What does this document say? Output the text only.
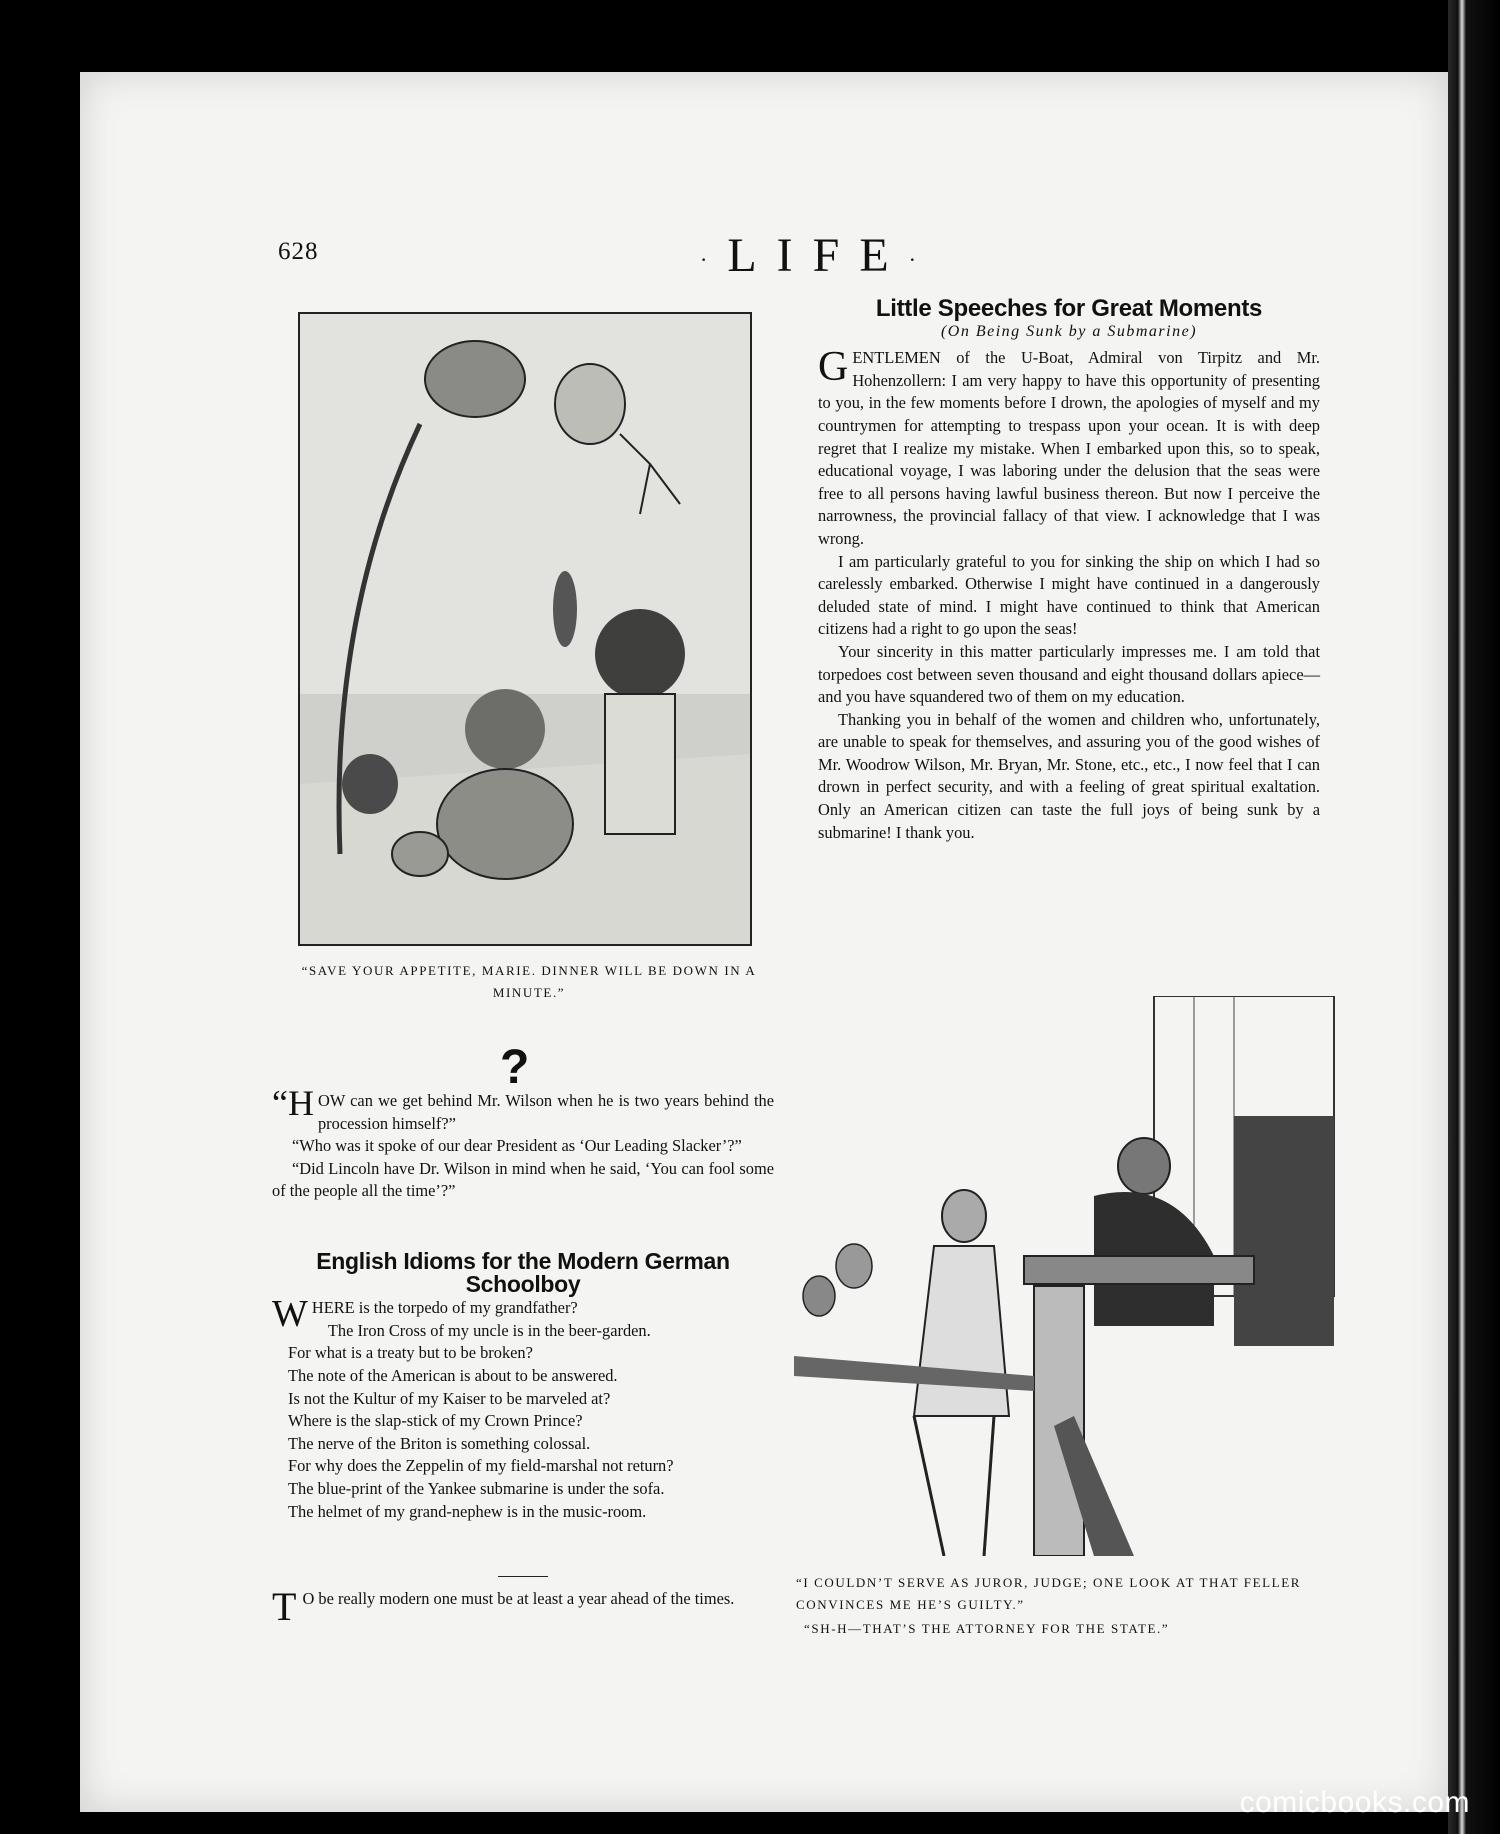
628	·LIFE·
“SAVE YOUR APPETITE, MARIE. DINNER WILL BE DOWN IN A MINUTE.”
Little Speeches for Great Moments
(On Being Sunk by a Submarine)

GENTLEMEN of the U-Boat, Admiral von Tirpitz and Mr. Hohenzollern: I am very happy to have this opportunity of presenting to you, in the few moments before I drown, the apologies of myself and my countrymen for attempting to trespass upon your ocean. It is with deep regret that I realize my mistake. When I embarked upon this, so to speak, educational voyage, I was laboring under the delusion that the seas were free to all persons having lawful business thereon. But now I perceive the narrowness, the provincial fallacy of that view. I acknowledge that I was wrong.

I am particularly grateful to you for sinking the ship on which I had so carelessly embarked. Otherwise I might have continued in a dangerously deluded state of mind. I might have continued to think that American citizens had a right to go upon the seas!

Your sincerity in this matter particularly impresses me. I am told that torpedoes cost between seven thousand and eight thousand dollars apiece—and you have squandered two of them on my education.

Thanking you in behalf of the women and children who, unfortunately, are unable to speak for themselves, and assuring you of the good wishes of Mr. Woodrow Wilson, Mr. Bryan, Mr. Stone, etc., etc., I now feel that I can drown in perfect security, and with a feeling of great spiritual exaltation. Only an American citizen can taste the full joys of being sunk by a submarine! I thank you.

?

“HOW can we get behind Mr. Wilson when he is two years behind the procession himself?”

“Who was it spoke of our dear President as ‘Our Leading Slacker’?”

“Did Lincoln have Dr. Wilson in mind when he said, ‘You can fool some of the people all the time’?”

English Idioms for the Modern German Schoolboy

WHERE is the torpedo of my grandfather?

The Iron Cross of my uncle is in the beer-garden.

For what is a treaty but to be broken?

The note of the American is about to be answered.

Is not the Kultur of my Kaiser to be marveled at?

Where is the slap-stick of my Crown Prince?

The nerve of the Briton is something colossal.

For why does the Zeppelin of my field-marshal not return?

The blue-print of the Yankee submarine is under the sofa.

The helmet of my grand-nephew is in the music-room.

T O be really modern one must be at least a year ahead of the times.

“I COULDN’T SERVE AS JUROR, JUDGE; ONE LOOK AT THAT FELLER CONVINCES ME HE’S GUILTY.”

“SH-H—THAT’S THE ATTORNEY FOR THE STATE.”

comicbooks.com
